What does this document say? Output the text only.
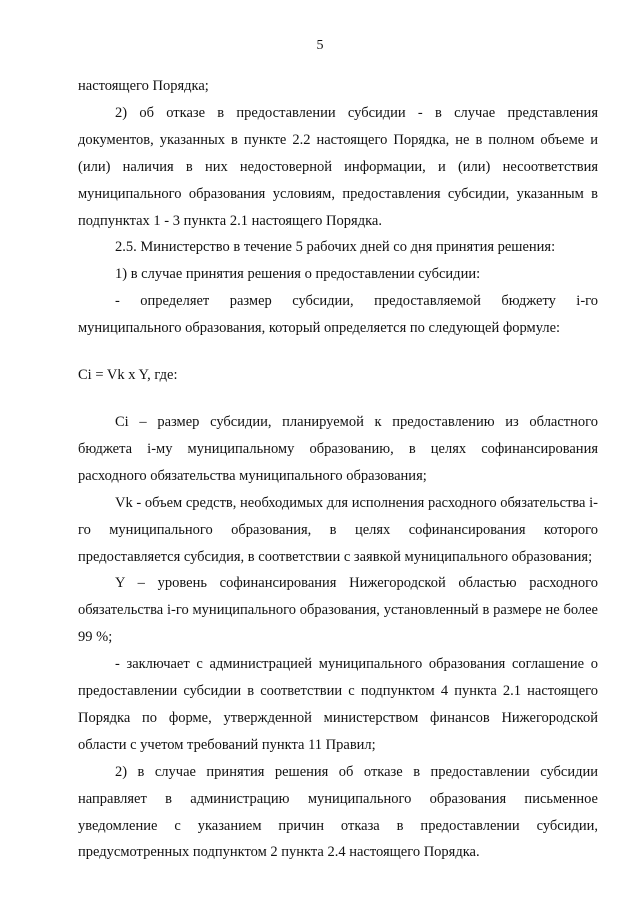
5

настоящего Порядка;

2) об отказе в предоставлении субсидии - в случае представления документов, указанных в пункте 2.2 настоящего Порядка, не в полном объеме и (или) наличия в них недостоверной информации, и (или) несоответствия муниципального образования условиям, предоставления субсидии, указанным в подпунктах 1 - 3 пункта 2.1 настоящего Порядка.

2.5. Министерство в течение 5 рабочих дней со дня принятия решения:

1) в случае принятия решения о предоставлении субсидии:

- определяет размер субсидии, предоставляемой бюджету i-го муниципального образования, который определяется по следующей формуле:

Ci = Vk x Y, где:

Ci – размер субсидии, планируемой к предоставлению из областного бюджета i-му муниципальному образованию, в целях софинансирования расходного обязательства муниципального образования;

Vk - объем средств, необходимых для исполнения расходного обязательства i-го муниципального образования, в целях софинансирования которого предоставляется субсидия, в соответствии с заявкой муниципального образования;

Y – уровень софинансирования Нижегородской областью расходного обязательства i-го муниципального образования, установленный в размере не более 99 %;

- заключает с администрацией муниципального образования соглашение о предоставлении субсидии в соответствии с подпунктом 4 пункта 2.1 настоящего Порядка по форме, утвержденной министерством финансов Нижегородской области с учетом требований пункта 11 Правил;

2) в случае принятия решения об отказе в предоставлении субсидии направляет в администрацию муниципального образования письменное уведомление с указанием причин отказа в предоставлении субсидии, предусмотренных подпунктом 2 пункта 2.4 настоящего Порядка.
